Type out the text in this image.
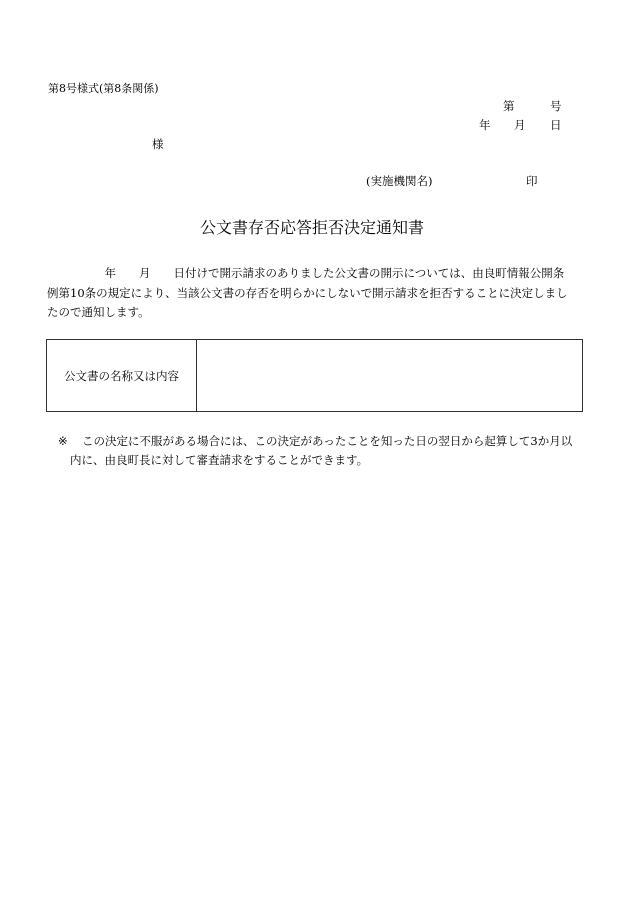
第8号様式(第8条関係)
第	号
年 月 日
様
(実施機関名)	印
公文書存否応答拒否決定通知書
　　　　　年　　月　　日付けで開示請求のありました公文書の開示については、由良町情報公開条
例第10条の規定により、当該公文書の存否を明らかにしないで開示請求を拒否することに決定しまし
たので通知します。
公文書の名称又は内容
※ この決定に不服がある場合には、この決定があったことを知った日の翌日から起算して3か月以
内に、由良町長に対して審査請求をすることができます。
